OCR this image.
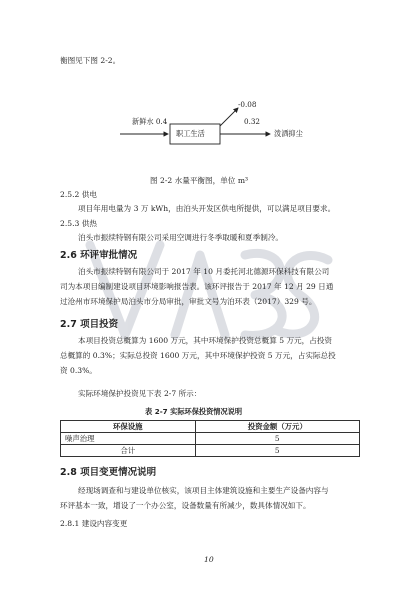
衡图见下图 2-2。
新鲜水 0.4
职工生活
-0.08
0.32
泼洒抑尘
图 2-2 水量平衡图，单位 m³
2.5.2 供电
项目年用电量为 3 万 kWh，由泊头开发区供电所提供，可以满足项目要求。
2.5.3 供热
泊头市振续特钢有限公司采用空调进行冬季取暖和夏季制冷。
2.6 环评审批情况
泊头市振续特钢有限公司于 2017 年 10 月委托河北德源环保科技有限公司
司为本项目编制建设项目环境影响报告表。该环评报告于 2017 年 12 月 29 日通
过沧州市环境保护局泊头市分局审批，审批文号为泊环表（2017）329 号。
2.7 项目投资
本项目投资总概算为 1600 万元，其中环境保护投资总概算 5 万元，占投资
总概算的 0.3%；实际总投资 1600 万元，其中环境保护投资 5 万元，占实际总投
资 0.3%。
实际环境保护投资见下表 2-7 所示：
表 2-7 实际环保投资情况说明
环保设施	投资金额（万元）
噪声治理	5
合计	5
2.8 项目变更情况说明
经现场调查和与建设单位核实，该项目主体建筑设施和主要生产设备内容与
环评基本一致，增设了一个办公室，设备数量有所减少，数具体情况如下。
2.8.1 建设内容变更
10
